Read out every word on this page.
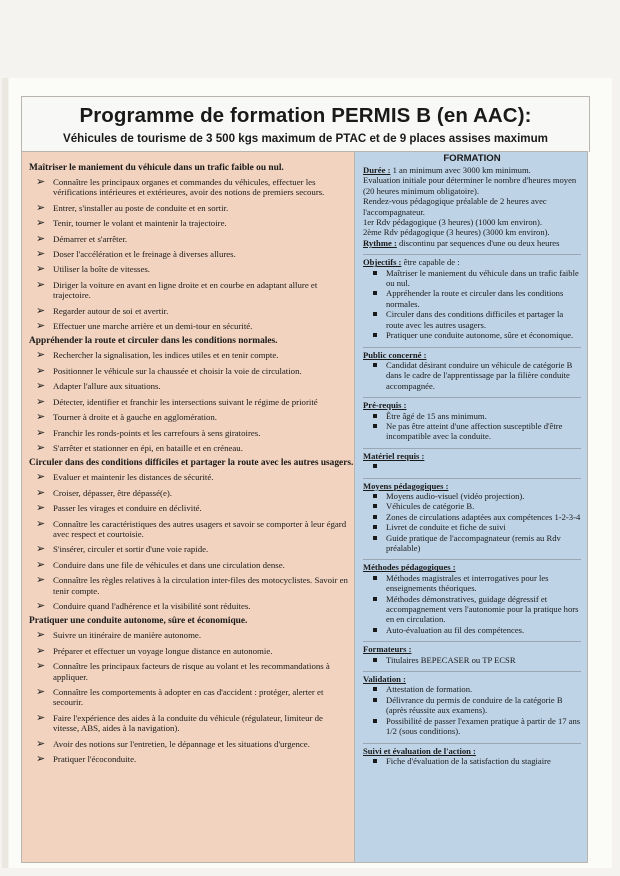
Programme de formation PERMIS B (en AAC):
Véhicules de tourisme de 3 500 kgs maximum de PTAC et de 9 places assises maximum
Maîtriser le maniement du véhicule dans un trafic faible ou nul.
➢ Connaître les principaux organes et commandes du véhicules, effectuer les vérifications intérieures et extérieures, avoir des notions de premiers secours.
➢ Entrer, s'installer au poste de conduite et en sortir.
➢ Tenir, tourner le volant et maintenir la trajectoire.
➢ Démarrer et s'arrêter.
➢ Doser l'accélération et le freinage à diverses allures.
➢ Utiliser la boîte de vitesses.
➢ Diriger la voiture en avant en ligne droite et en courbe en adaptant allure et trajectoire.
➢ Regarder autour de soi et avertir.
➢ Effectuer une marche arrière et un demi-tour en sécurité.
Appréhender la route et circuler dans les conditions normales.
➢ Rechercher la signalisation, les indices utiles et en tenir compte.
➢ Positionner le véhicule sur la chaussée et choisir la voie de circulation.
➢ Adapter l'allure aux situations.
➢ Détecter, identifier et franchir les intersections suivant le régime de priorité
➢ Tourner à droite et à gauche en agglomération.
➢ Franchir les ronds-points et les carrefours à sens giratoires.
➢ S'arrêter et stationner en épi, en bataille et en créneau.
Circuler dans des conditions difficiles et partager la route avec les autres usagers.
➢ Evaluer et maintenir les distances de sécurité.
➢ Croiser, dépasser, être dépassé(e).
➢ Passer les virages et conduire en déclivité.
➢ Connaître les caractéristiques des autres usagers et savoir se comporter à leur égard avec respect et courtoisie.
➢ S'insérer, circuler et sortir d'une voie rapide.
➢ Conduire dans une file de véhicules et dans une circulation dense.
➢ Connaître les règles relatives à la circulation inter-files des motocyclistes. Savoir en tenir compte.
➢ Conduire quand l'adhérence et la visibilité sont réduites.
Pratiquer une conduite autonome, sûre et économique.
➢ Suivre un itinéraire de manière autonome.
➢ Préparer et effectuer un voyage longue distance en autonomie.
➢ Connaître les principaux facteurs de risque au volant et les recommandations à appliquer.
➢ Connaître les comportements à adopter en cas d'accident : protéger, alerter et secourir.
➢ Faire l'expérience des aides à la conduite du véhicule (régulateur, limiteur de vitesse, ABS, aides à la navigation).
➢ Avoir des notions sur l'entretien, le dépannage et les situations d'urgence.
➢ Pratiquer l'écoconduite.
FORMATION

Durée : 1 an minimum avec 3000 km minimum.

Evaluation initiale pour déterminer le nombre d'heures moyen (20 heures minimum obligatoire).

Rendez-vous pédagogique préalable de 2 heures avec l'accompagnateur.

1er Rdv pédagogique (3 heures) (1000 km environ).

2ème Rdv pédagogique (3 heures) (3000 km environ).

Rythme : discontinu par sequences d'une ou deux heures

Objectifs : être capable de :

Maîtriser le maniement du véhicule dans un trafic faible ou nul.
Appréhender la route et circuler dans les conditions normales.
Circuler dans des conditions difficiles et partager la route avec les autres usagers.
Pratiquer une conduite autonome, sûre et économique.

Public concerné :

Candidat désirant conduire un véhicule de catégorie B dans le cadre de l'apprentissage par la filière conduite accompagnée.

Pré-requis :

Être âgé de 15 ans minimum.
Ne pas être atteint d'une affection susceptible d'être incompatible avec la conduite.

Matériel requis :

Moyens pédagogiques :

Moyens audio-visuel (vidéo projection).
Véhicules de catégorie B.
Zones de circulations adaptées aux compétences 1-2-3-4
Livret de conduite et fiche de suivi
Guide pratique de l'accompagnateur (remis au Rdv préalable)

Méthodes pédagogiques :

Méthodes magistrales et interrogatives pour les enseignements théoriques.
Méthodes démonstratives, guidage dégressif et accompagnement vers l'autonomie pour la pratique hors en en circulation.
Auto-évaluation au fil des compétences.

Formateurs :

Titulaires BEPECASER ou TP ECSR

Validation :

Attestation de formation.
Délivrance du permis de conduire de la catégorie B (après réussite aux examens).
Possibilité de passer l'examen pratique à partir de 17 ans 1/2 (sous conditions).

Suivi et évaluation de l'action :

Fiche d'évaluation de la satisfaction du stagiaire
